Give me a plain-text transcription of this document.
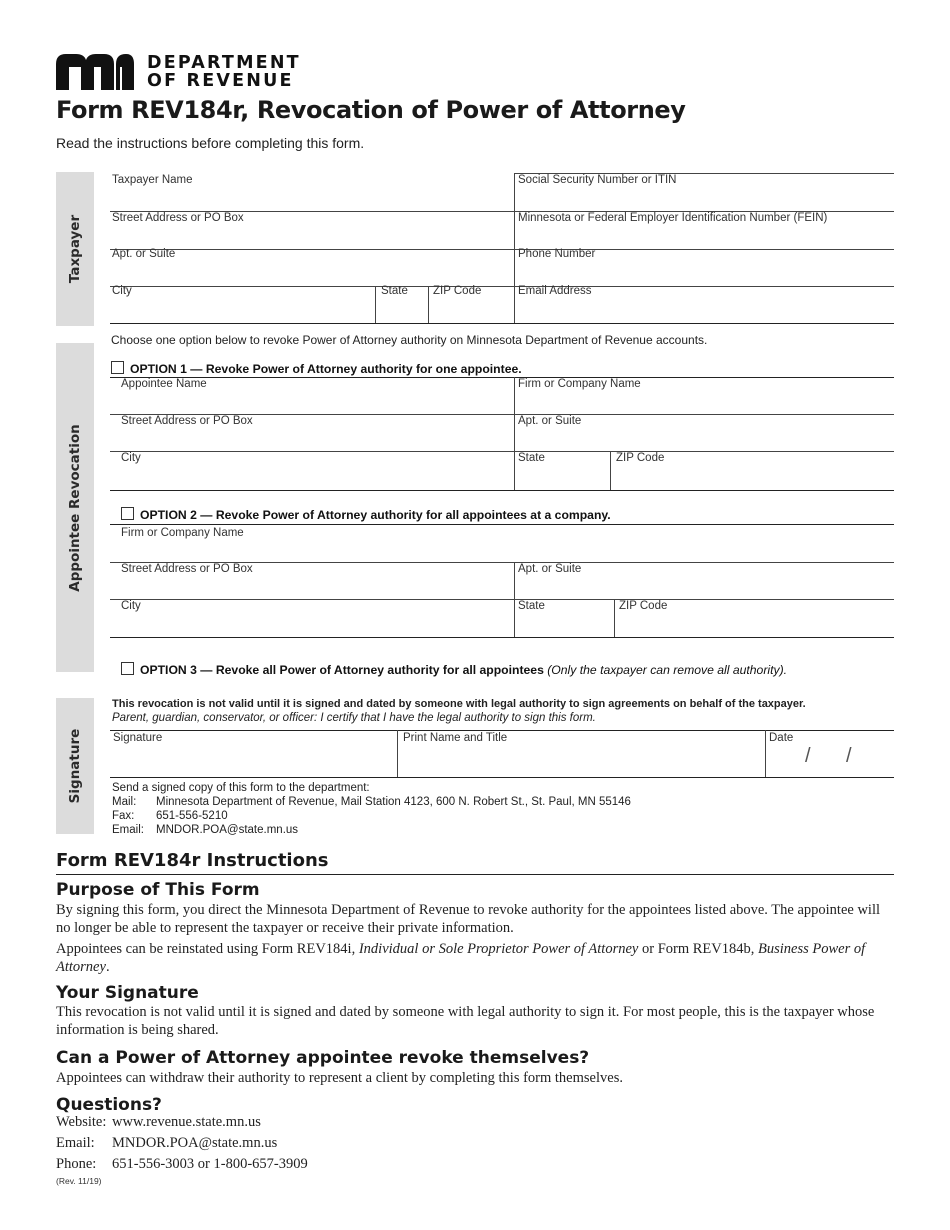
DEPARTMENT
OF REVENUE
Form REV184r, Revocation of Power of Attorney
Read the instructions before completing this form.
Taxpayer
Appointee Revocation
Signature
Taxpayer Name	Social Security Number or ITIN
Street Address or PO Box	Minnesota or Federal Employer Identification Number (FEIN)
Apt. or Suite	Phone Number
City	State	ZIP Code	Email Address
Choose one option below to revoke Power of Attorney authority on Minnesota Department of Revenue accounts.
OPTION 1 — Revoke Power of Attorney authority for one appointee.
Appointee Name	Firm or Company Name
Street Address or PO Box	Apt. or Suite
City	State	ZIP Code
OPTION 2 — Revoke Power of Attorney authority for all appointees at a company.
Firm or Company Name
Street Address or PO Box	Apt. or Suite
City	State	ZIP Code
OPTION 3 — Revoke all Power of Attorney authority for all appointees (Only the taxpayer can remove all authority).
This revocation is not valid until it is signed and dated by someone with legal authority to sign agreements on behalf of the taxpayer.
Parent, guardian, conservator, or officer: I certify that I have the legal authority to sign this form.
Signature	Print Name and Title	Date
/ /
Send a signed copy of this form to the department:
Mail: Minnesota Department of Revenue, Mail Station 4123, 600 N. Robert St., St. Paul, MN 55146
Fax: 651-556-5210
Email: MNDOR.POA@state.mn.us
Form REV184r Instructions
Purpose of This Form
By signing this form, you direct the Minnesota Department of Revenue to revoke authority for the appointees listed above. The appointee will no longer be able to represent the taxpayer or receive their private information.
Appointees can be reinstated using Form REV184i, Individual or Sole Proprietor Power of Attorney or Form REV184b, Business Power of Attorney.
Your Signature
This revocation is not valid until it is signed and dated by someone with legal authority to sign it. For most people, this is the taxpayer whose information is being shared.
Can a Power of Attorney appointee revoke themselves?
Appointees can withdraw their authority to represent a client by completing this form themselves.
Questions?
Website: www.revenue.state.mn.us
Email: MNDOR.POA@state.mn.us
Phone: 651-556-3003 or 1-800-657-3909
(Rev. 11/19)
